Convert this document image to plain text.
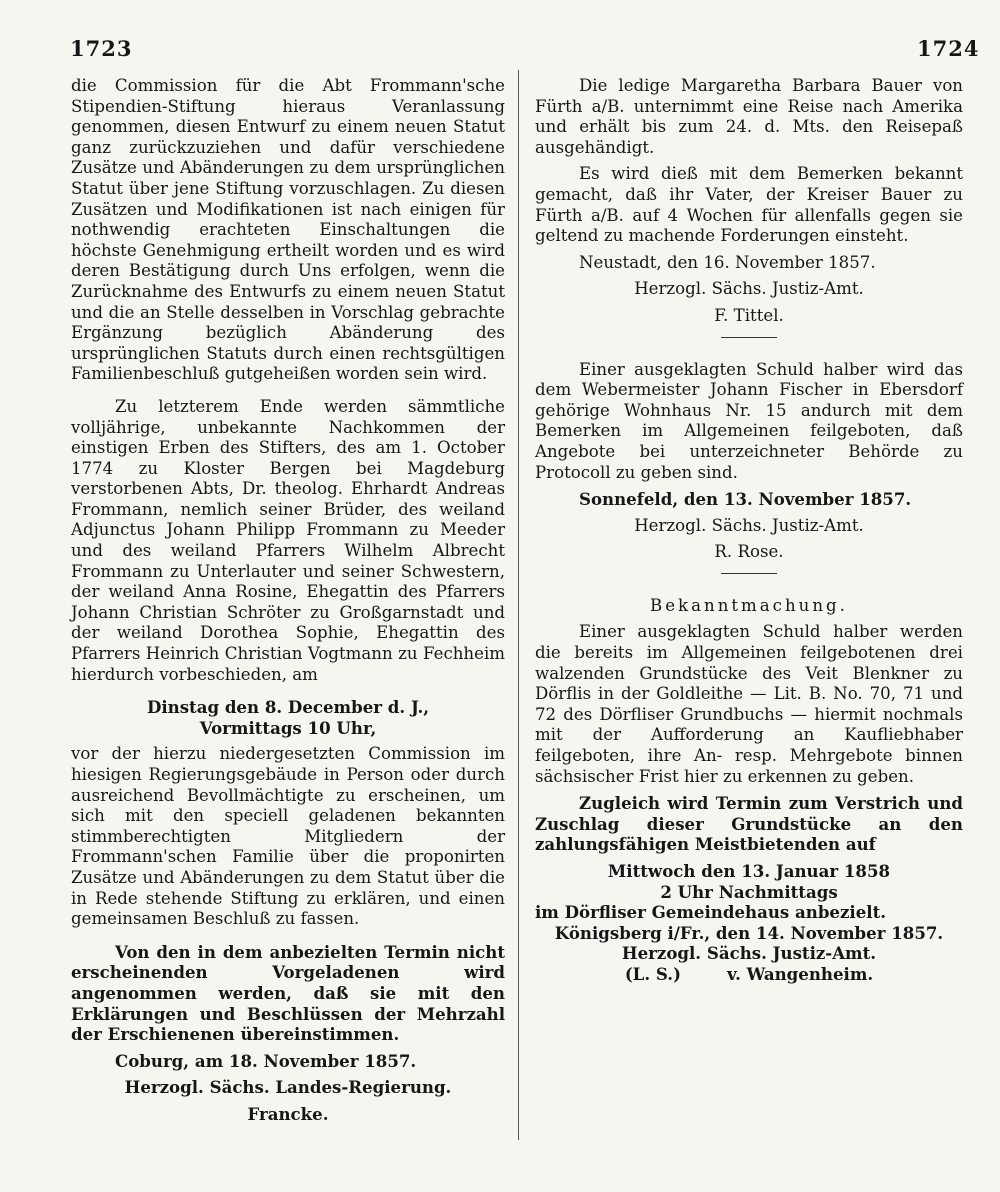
1723	1724

die Commission für die Abt Frommann'sche Stipendien-Stiftung hieraus Veranlassung genommen, diesen Entwurf zu einem neuen Statut ganz zurückzuziehen und dafür verschiedene Zusätze und Abänderungen zu dem ursprünglichen Statut über jene Stiftung vorzuschlagen. Zu diesen Zusätzen und Modifikationen ist nach einigen für nothwendig erachteten Einschaltungen die höchste Genehmigung ertheilt worden und es wird deren Bestätigung durch Uns erfolgen, wenn die Zurücknahme des Entwurfs zu einem neuen Statut und die an Stelle desselben in Vorschlag gebrachte Ergänzung bezüglich Abänderung des ursprünglichen Statuts durch einen rechtsgültigen Familienbeschluß gutgeheißen worden sein wird.

Zu letzterem Ende werden sämmtliche volljährige, unbekannte Nachkommen der einstigen Erben des Stifters, des am 1. October 1774 zu Kloster Bergen bei Magdeburg verstorbenen Abts, Dr. theolog. Ehrhardt Andreas Frommann, nemlich seiner Brüder, des weiland Adjunctus Johann Philipp Frommann zu Meeder und des weiland Pfarrers Wilhelm Albrecht Frommann zu Unterlauter und seiner Schwestern, der weiland Anna Rosine, Ehegattin des Pfarrers Johann Christian Schröter zu Großgarnstadt und der weiland Dorothea Sophie, Ehegattin des Pfarrers Heinrich Christian Vogtmann zu Fechheim hierdurch vorbeschieden, am

Dinstag den 8. December d. J.,

Vormittags 10 Uhr,

vor der hierzu niedergesetzten Commission im hiesigen Regierungsgebäude in Person oder durch ausreichend Bevollmächtigte zu erscheinen, um sich mit den speciell geladenen bekannten stimmberechtigten Mitgliedern der Frommann'schen Familie über die proponirten Zusätze und Abänderungen zu dem Statut über die in Rede stehende Stiftung zu erklären, und einen gemeinsamen Beschluß zu fassen.

Von den in dem anbezielten Termin nicht erscheinenden Vorgeladenen wird angenommen werden, daß sie mit den Erklärungen und Beschlüssen der Mehrzahl der Erschienenen übereinstimmen.

Coburg, am 18. November 1857.

Herzogl. Sächs. Landes-Regierung.

Francke.

Die ledige Margaretha Barbara Bauer von Fürth a/B. unternimmt eine Reise nach Amerika und erhält bis zum 24. d. Mts. den Reisepaß ausgehändigt.

Es wird dieß mit dem Bemerken bekannt gemacht, daß ihr Vater, der Kreiser Bauer zu Fürth a/B. auf 4 Wochen für allenfalls gegen sie geltend zu machende Forderungen einsteht.

Neustadt, den 16. November 1857.

Herzogl. Sächs. Justiz-Amt.

F. Tittel.

Einer ausgeklagten Schuld halber wird das dem Webermeister Johann Fischer in Ebersdorf gehörige Wohnhaus Nr. 15 andurch mit dem Bemerken im Allgemeinen feilgeboten, daß Angebote bei unterzeichneter Behörde zu Protocoll zu geben sind.

Sonnefeld, den 13. November 1857.

Herzogl. Sächs. Justiz-Amt.

R. Rose.

Bekanntmachung.

Einer ausgeklagten Schuld halber werden die bereits im Allgemeinen feilgebotenen drei walzenden Grundstücke des Veit Blenkner zu Dörflis in der Goldleithe — Lit. B. No. 70, 71 und 72 des Dörfliser Grundbuchs — hiermit nochmals mit der Aufforderung an Kaufliebhaber feilgeboten, ihre An- resp. Mehrgebote binnen sächsischer Frist hier zu erkennen zu geben.

Zugleich wird Termin zum Verstrich und Zuschlag dieser Grundstücke an den zahlungsfähigen Meistbietenden auf

Mittwoch den 13. Januar 1858

2 Uhr Nachmittags

im Dörfliser Gemeindehaus anbezielt.

Königsberg i/Fr., den 14. November 1857.

Herzogl. Sächs. Justiz-Amt.

(L. S.)	v. Wangenheim.
